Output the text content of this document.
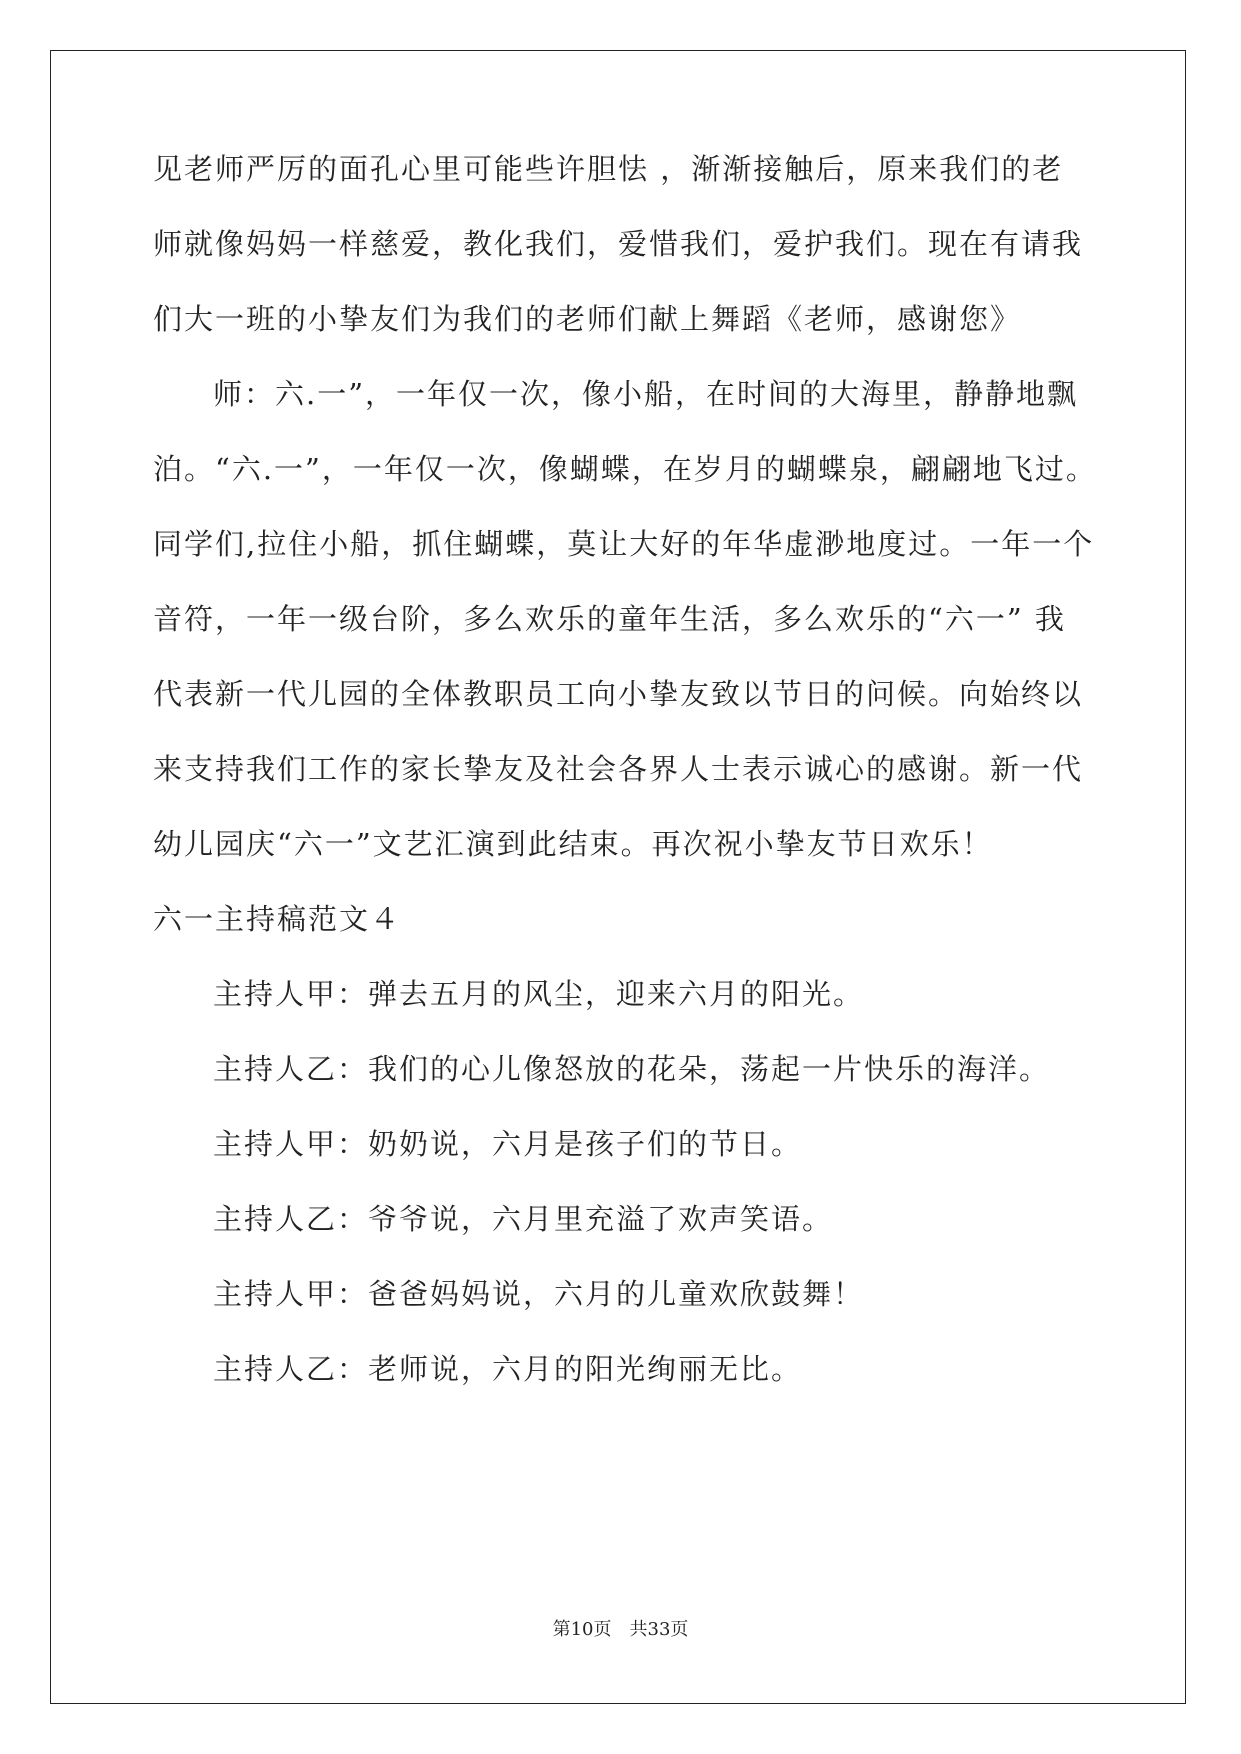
见老师严厉的面孔心里可能些许胆怯 ，渐渐接触后，原来我们的老
师就像妈妈一样慈爱，教化我们，爱惜我们，爱护我们。现在有请我
们大一班的小挚友们为我们的老师们献上舞蹈《老师，感谢您》
师：六.一”，一年仅一次，像小船，在时间的大海里，静静地飘
泊。“六.一”，一年仅一次，像蝴蝶，在岁月的蝴蝶泉，翩翩地飞过。
同学们,拉住小船，抓住蝴蝶，莫让大好的年华虚渺地度过。一年一个
音符，一年一级台阶，多么欢乐的童年生活，多么欢乐的“六一” 我
代表新一代儿园的全体教职员工向小挚友致以节日的问候。向始终以
来支持我们工作的家长挚友及社会各界人士表示诚心的感谢。新一代
幼儿园庆“六一”文艺汇演到此结束。再次祝小挚友节日欢乐！
六一主持稿范文４
主持人甲：弹去五月的风尘，迎来六月的阳光。
主持人乙：我们的心儿像怒放的花朵，荡起一片快乐的海洋。
主持人甲：奶奶说，六月是孩子们的节日。
主持人乙：爷爷说，六月里充溢了欢声笑语。
主持人甲：爸爸妈妈说，六月的儿童欢欣鼓舞！
主持人乙：老师说，六月的阳光绚丽无比。
第10页　共33页
